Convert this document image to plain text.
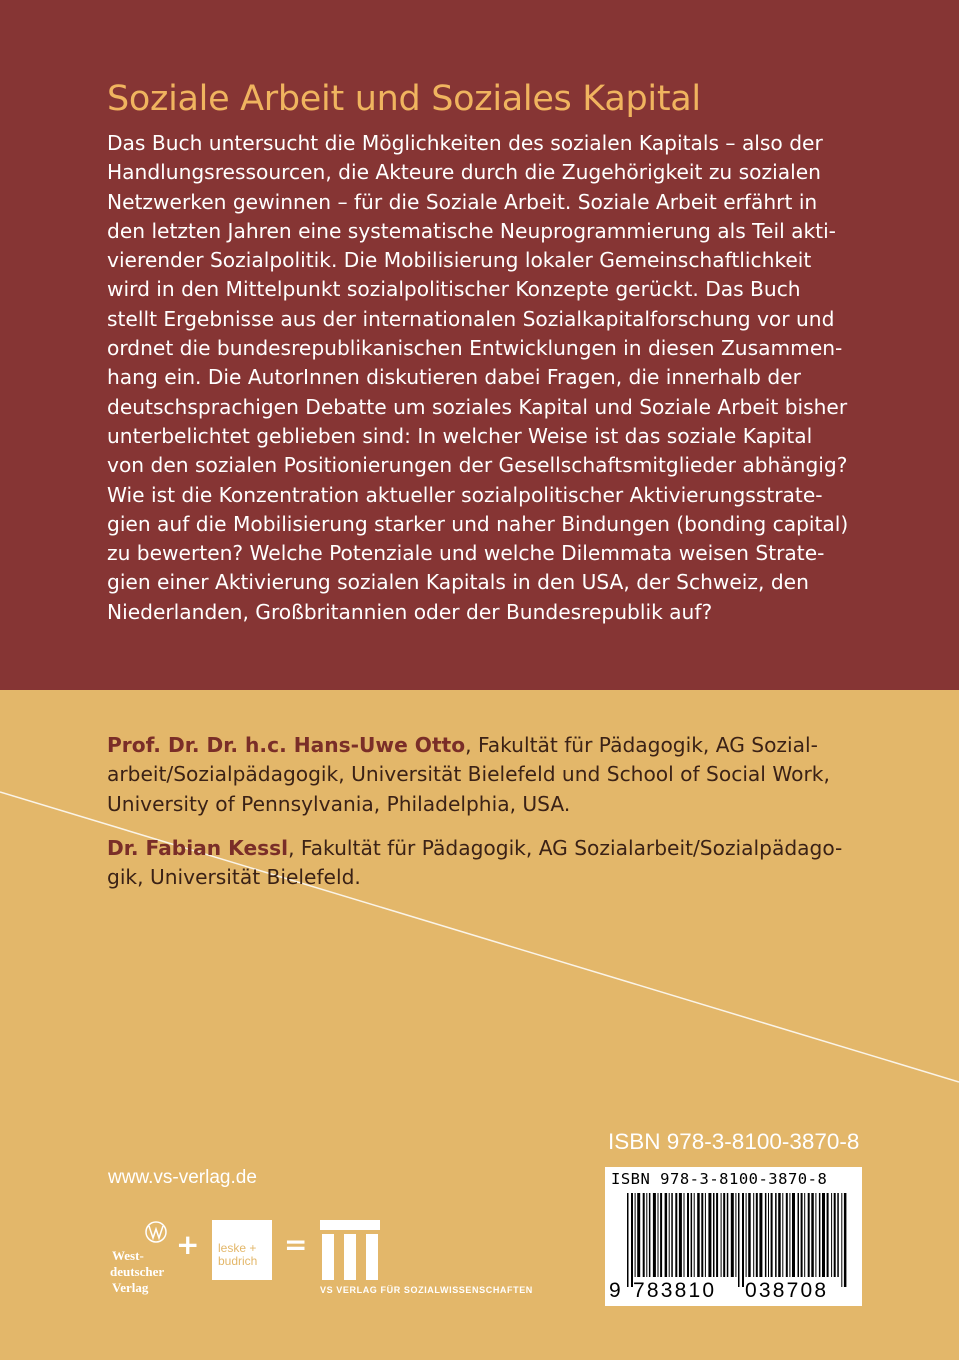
Soziale Arbeit und Soziales Kapital
Das Buch untersucht die Möglichkeiten des sozialen Kapitals – also der
Handlungsressourcen, die Akteure durch die Zugehörigkeit zu sozialen
Netzwerken gewinnen – für die Soziale Arbeit. Soziale Arbeit erfährt in
den letzten Jahren eine systematische Neuprogrammierung als Teil akti-
vierender Sozialpolitik. Die Mobilisierung lokaler Gemeinschaftlichkeit
wird in den Mittelpunkt sozialpolitischer Konzepte gerückt. Das Buch
stellt Ergebnisse aus der internationalen Sozialkapitalforschung vor und
ordnet die bundesrepublikanischen Entwicklungen in diesen Zusammen-
hang ein. Die AutorInnen diskutieren dabei Fragen, die innerhalb der
deutschsprachigen Debatte um soziales Kapital und Soziale Arbeit bisher
unterbelichtet geblieben sind: In welcher Weise ist das soziale Kapital
von den sozialen Positionierungen der Gesellschaftsmitglieder abhängig?
Wie ist die Konzentration aktueller sozialpolitischer Aktivierungsstrate-
gien auf die Mobilisierung starker und naher Bindungen (bonding capital)
zu bewerten? Welche Potenziale und welche Dilemmata weisen Strate-
gien einer Aktivierung sozialen Kapitals in den USA, der Schweiz, den
Niederlanden, Großbritannien oder der Bundesrepublik auf?
Prof. Dr. Dr. h.c. Hans-Uwe Otto, Fakultät für Pädagogik, AG Sozial-
arbeit/Sozialpädagogik, Universität Bielefeld und School of Social Work,
University of Pennsylvania, Philadelphia, USA.
Dr. Fabian Kessl, Fakultät für Pädagogik, AG Sozialarbeit/Sozialpädago-
gik, Universität Bielefeld.
ISBN 978-3-8100-3870-8
ISBN 978-3-8100-3870-8
9 783810 038708
www.vs-verlag.de
West-
deutscher
Verlag
+ leske +
budrich =
VS VERLAG FÜR SOZIALWISSENSCHAFTEN
